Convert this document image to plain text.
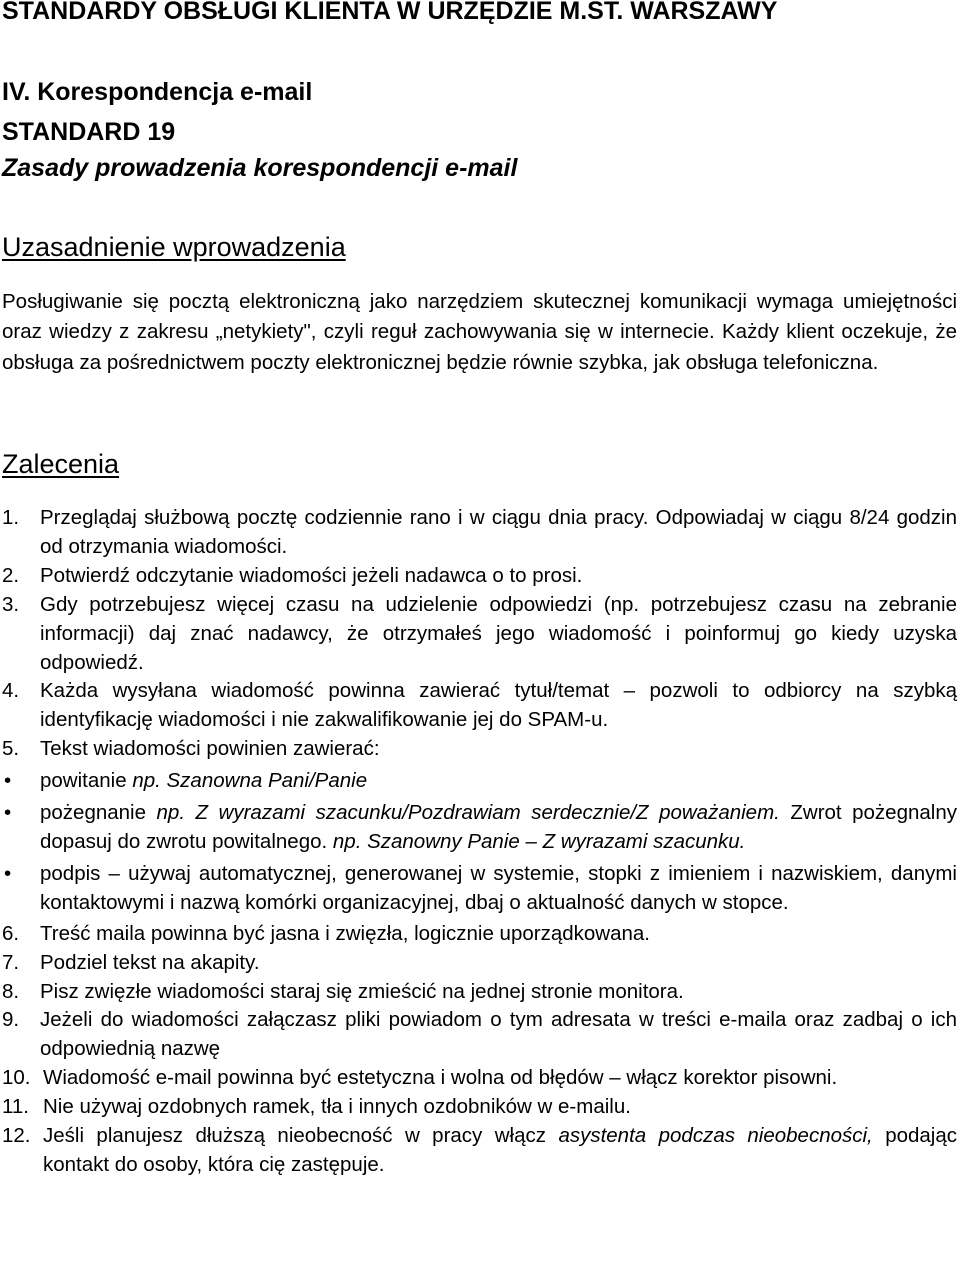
STANDARDY OBSŁUGI KLIENTA W URZĘDZIE M.ST. WARSZAWY
IV. Korespondencja e-mail
STANDARD 19
Zasady prowadzenia korespondencji e-mail
Uzasadnienie wprowadzenia
Posługiwanie się pocztą elektroniczną jako narzędziem skutecznej komunikacji wymaga umiejętności oraz wiedzy z zakresu „netykiety", czyli reguł zachowywania się w internecie. Każdy klient oczekuje, że obsługa za pośrednictwem poczty elektronicznej będzie równie szybka, jak obsługa telefoniczna.
Zalecenia
1. Przeglądaj służbową pocztę codziennie rano i w ciągu dnia pracy. Odpowiadaj w ciągu 8/24 godzin od otrzymania wiadomości.
2. Potwierdź odczytanie wiadomości jeżeli nadawca o to prosi.
3. Gdy potrzebujesz więcej czasu na udzielenie odpowiedzi (np. potrzebujesz czasu na zebranie informacji) daj znać nadawcy, że otrzymałeś jego wiadomość i poinformuj go kiedy uzyska odpowiedź.
4. Każda wysyłana wiadomość powinna zawierać tytuł/temat – pozwoli to odbiorcy na szybką identyfikację wiadomości i nie zakwalifikowanie jej do SPAM-u.
5. Tekst wiadomości powinien zawierać:
• powitanie np. Szanowna Pani/Panie
• pożegnanie np. Z wyrazami szacunku/Pozdrawiam serdecznie/Z poważaniem. Zwrot pożegnalny dopasuj do zwrotu powitalnego. np. Szanowny Panie – Z wyrazami szacunku.
• podpis – używaj automatycznej, generowanej w systemie, stopki z imieniem i nazwiskiem, danymi kontaktowymi i nazwą komórki organizacyjnej, dbaj o aktualność danych w stopce.
6. Treść maila powinna być jasna i zwięzła, logicznie uporządkowana.
7. Podziel tekst na akapity.
8. Pisz zwięzłe wiadomości staraj się zmieścić na jednej stronie monitora.
9. Jeżeli do wiadomości załączasz pliki powiadom o tym adresata w treści e-maila oraz zadbaj o ich odpowiednią nazwę
10. Wiadomość e-mail powinna być estetyczna i wolna od błędów – włącz korektor pisowni.
11. Nie używaj ozdobnych ramek, tła i innych ozdobników w e-mailu.
12. Jeśli planujesz dłuższą nieobecność w pracy włącz asystenta podczas nieobecności, podając kontakt do osoby, która cię zastępuje.
